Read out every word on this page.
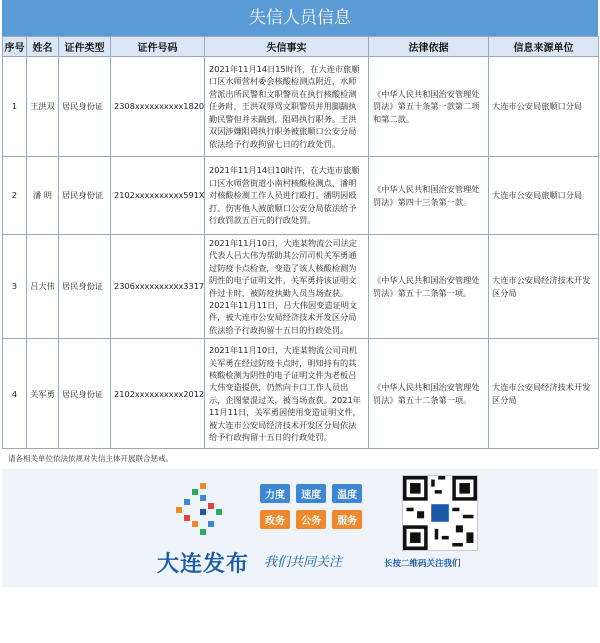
失信人员信息
序号	姓名	证件类型	证件号码	失信事实	法律依据	信息来源单位
1	王洪双	居民身份证	2308xxxxxxxxxx1820	2021年11月14日15时许，在大连市旅顺口区水师营村委会核酸检测点附近，水师营派出所民警和文职警员在执行核酸检测任务时，王洪双辱骂文职警员并用脚踹执勤民警但并未踹到，阻碍执行职务。王洪双因涉嫌阻碍执行职务被旅顺口公安分局依法给予行政拘留七日的行政处罚。	《中华人民共和国治安管理处罚法》第五十条第一款第二项和第二款。	大连市公安局旅顺口分局
2	潘 明	居民身份证	2102xxxxxxxxxx591X	2021年11月14日10时许，在大连市旅顺口区水师营街道小南村核酸检测点，潘明对核酸检测工作人员进行殴打。潘明因殴打、伤害他人被旅顺口公安分局依法给予行政罚款五百元的行政处罚。	《中华人民共和国治安管理处罚法》第四十三条第一款。	大连市公安局旅顺口分局
3	吕大伟	居民身份证	2306xxxxxxxxxx3317	2021年11月10日，大连某物流公司法定代表人吕大伟为帮助其公司司机关军勇通过防疫卡点检查，变造了该人核酸检测为阴性的电子证明文件，关军勇持该证明文件过卡时，被防疫执勤人员当场查获。2021年11月11日，吕大伟因变造证明文件，被大连市公安局经济技术开发区分局依法给予行政拘留十五日的行政处罚。	《中华人民共和国治安管理处罚法》第五十二条第一项。	大连市公安局经济技术开发区分局
4	关军勇	居民身份证	2102xxxxxxxxxx2012	2021年11月10日，大连某物流公司司机关军勇在经过防疫卡点时，明知持有的其核酸检测为阴性的电子证明文件为老板吕大伟变造提供，仍然向卡口工作人员出示，企图蒙混过关，被当场查获。2021年11月11日，关军勇因使用变造证明文件，被大连市公安局经济技术开发区分局依法给予行政拘留十五日的行政处罚。	《中华人民共和国治安管理处罚法》第五十二条第一项。	大连市公安局经济技术开发区分局
请各相关单位依法依规对失信主体开展联合惩戒。
大连发布
力度 速度 温度 政务 公务 服务
我们共同关注	长按二维码关注我们
